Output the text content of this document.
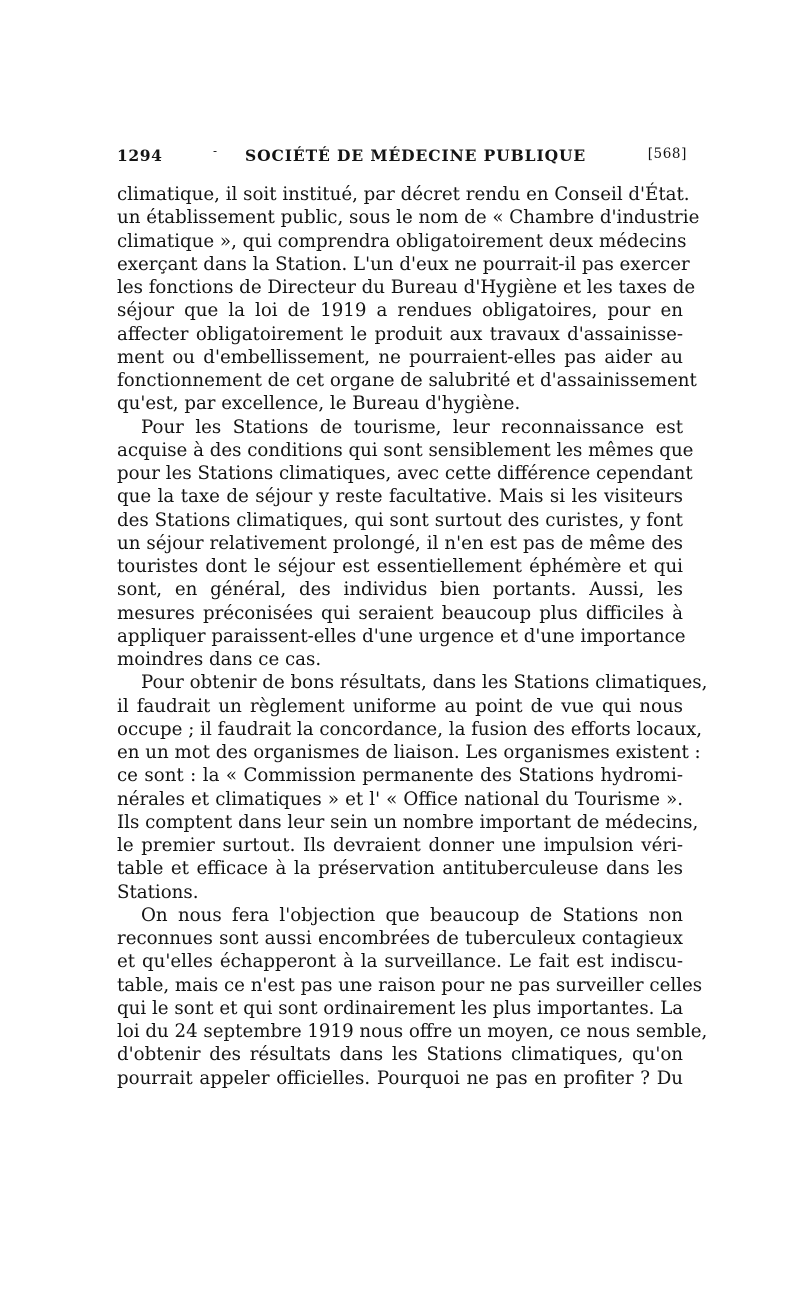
1294	- SOCIÉTÉ DE MÉDECINE PUBLIQUE	[568]
climatique, il soit institué, par décret rendu en Conseil d'État.
un établissement public, sous le nom de « Chambre d'industrie
climatique », qui comprendra obligatoirement deux médecins
exerçant dans la Station. L'un d'eux ne pourrait-il pas exercer
les fonctions de Directeur du Bureau d'Hygiène et les taxes de
séjour que la loi de 1919 a rendues obligatoires, pour en
affecter obligatoirement le produit aux travaux d'assainisse-
ment ou d'embellissement, ne pourraient-elles pas aider au
fonctionnement de cet organe de salubrité et d'assainissement
qu'est, par excellence, le Bureau d'hygiène.
Pour les Stations de tourisme, leur reconnaissance est
acquise à des conditions qui sont sensiblement les mêmes que
pour les Stations climatiques, avec cette différence cependant
que la taxe de séjour y reste facultative. Mais si les visiteurs
des Stations climatiques, qui sont surtout des curistes, y font
un séjour relativement prolongé, il n'en est pas de même des
touristes dont le séjour est essentiellement éphémère et qui
sont, en général, des individus bien portants. Aussi, les
mesures préconisées qui seraient beaucoup plus difficiles à
appliquer paraissent-elles d'une urgence et d'une importance
moindres dans ce cas.
Pour obtenir de bons résultats, dans les Stations climatiques,
il faudrait un règlement uniforme au point de vue qui nous
occupe ; il faudrait la concordance, la fusion des efforts locaux,
en un mot des organismes de liaison. Les organismes existent :
ce sont : la « Commission permanente des Stations hydromi-
nérales et climatiques » et l' « Office national du Tourisme ».
Ils comptent dans leur sein un nombre important de médecins,
le premier surtout. Ils devraient donner une impulsion véri-
table et efficace à la préservation antituberculeuse dans les
Stations.
On nous fera l'objection que beaucoup de Stations non
reconnues sont aussi encombrées de tuberculeux contagieux
et qu'elles échapperont à la surveillance. Le fait est indiscu-
table, mais ce n'est pas une raison pour ne pas surveiller celles
qui le sont et qui sont ordinairement les plus importantes. La
loi du 24 septembre 1919 nous offre un moyen, ce nous semble,
d'obtenir des résultats dans les Stations climatiques, qu'on
pourrait appeler officielles. Pourquoi ne pas en profiter ? Du
